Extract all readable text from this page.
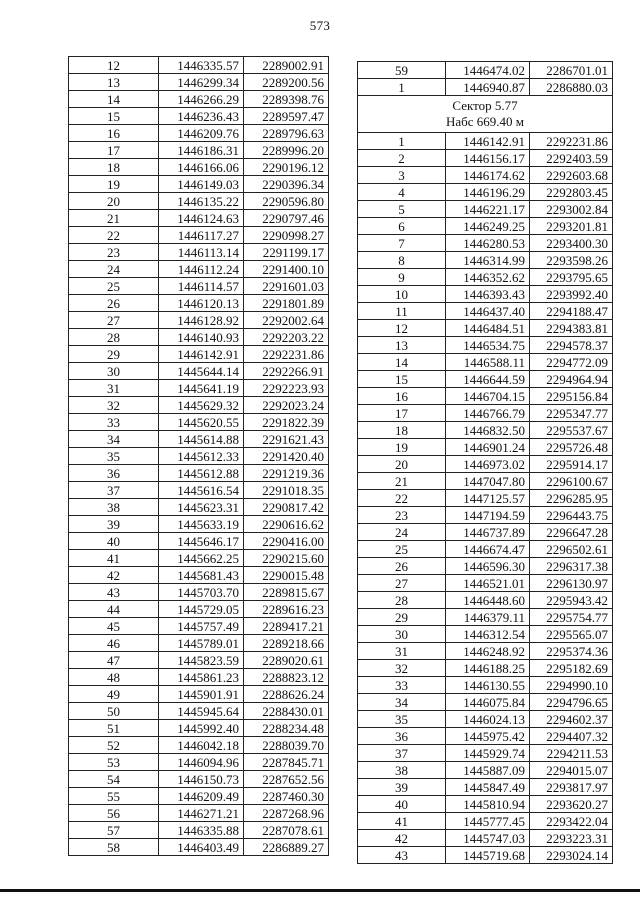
573
12	1446335.57	2289002.91
13	1446299.34	2289200.56
14	1446266.29	2289398.76
15	1446236.43	2289597.47
16	1446209.76	2289796.63
17	1446186.31	2289996.20
18	1446166.06	2290196.12
19	1446149.03	2290396.34
20	1446135.22	2290596.80
21	1446124.63	2290797.46
22	1446117.27	2290998.27
23	1446113.14	2291199.17
24	1446112.24	2291400.10
25	1446114.57	2291601.03
26	1446120.13	2291801.89
27	1446128.92	2292002.64
28	1446140.93	2292203.22
29	1446142.91	2292231.86
30	1445644.14	2292266.91
31	1445641.19	2292223.93
32	1445629.32	2292023.24
33	1445620.55	2291822.39
34	1445614.88	2291621.43
35	1445612.33	2291420.40
36	1445612.88	2291219.36
37	1445616.54	2291018.35
38	1445623.31	2290817.42
39	1445633.19	2290616.62
40	1445646.17	2290416.00
41	1445662.25	2290215.60
42	1445681.43	2290015.48
43	1445703.70	2289815.67
44	1445729.05	2289616.23
45	1445757.49	2289417.21
46	1445789.01	2289218.66
47	1445823.59	2289020.61
48	1445861.23	2288823.12
49	1445901.91	2288626.24
50	1445945.64	2288430.01
51	1445992.40	2288234.48
52	1446042.18	2288039.70
53	1446094.96	2287845.71
54	1446150.73	2287652.56
55	1446209.49	2287460.30
56	1446271.21	2287268.96
57	1446335.88	2287078.61
58	1446403.49	2286889.27
59	1446474.02	2286701.01
1	1446940.87	2286880.03

Сектор 5.77
Набс 669.40 м		

1	1446142.91	2292231.86
2	1446156.17	2292403.59
3	1446174.62	2292603.68
4	1446196.29	2292803.45
5	1446221.17	2293002.84
6	1446249.25	2293201.81
7	1446280.53	2293400.30
8	1446314.99	2293598.26
9	1446352.62	2293795.65
10	1446393.43	2293992.40
11	1446437.40	2294188.47
12	1446484.51	2294383.81
13	1446534.75	2294578.37
14	1446588.11	2294772.09
15	1446644.59	2294964.94
16	1446704.15	2295156.84
17	1446766.79	2295347.77
18	1446832.50	2295537.67
19	1446901.24	2295726.48
20	1446973.02	2295914.17
21	1447047.80	2296100.67
22	1447125.57	2296285.95
23	1447194.59	2296443.75
24	1446737.89	2296647.28
25	1446674.47	2296502.61
26	1446596.30	2296317.38
27	1446521.01	2296130.97
28	1446448.60	2295943.42
29	1446379.11	2295754.77
30	1446312.54	2295565.07
31	1446248.92	2295374.36
32	1446188.25	2295182.69
33	1446130.55	2294990.10
34	1446075.84	2294796.65
35	1446024.13	2294602.37
36	1445975.42	2294407.32
37	1445929.74	2294211.53
38	1445887.09	2294015.07
39	1445847.49	2293817.97
40	1445810.94	2293620.27
41	1445777.45	2293422.04
42	1445747.03	2293223.31
43	1445719.68	2293024.14
